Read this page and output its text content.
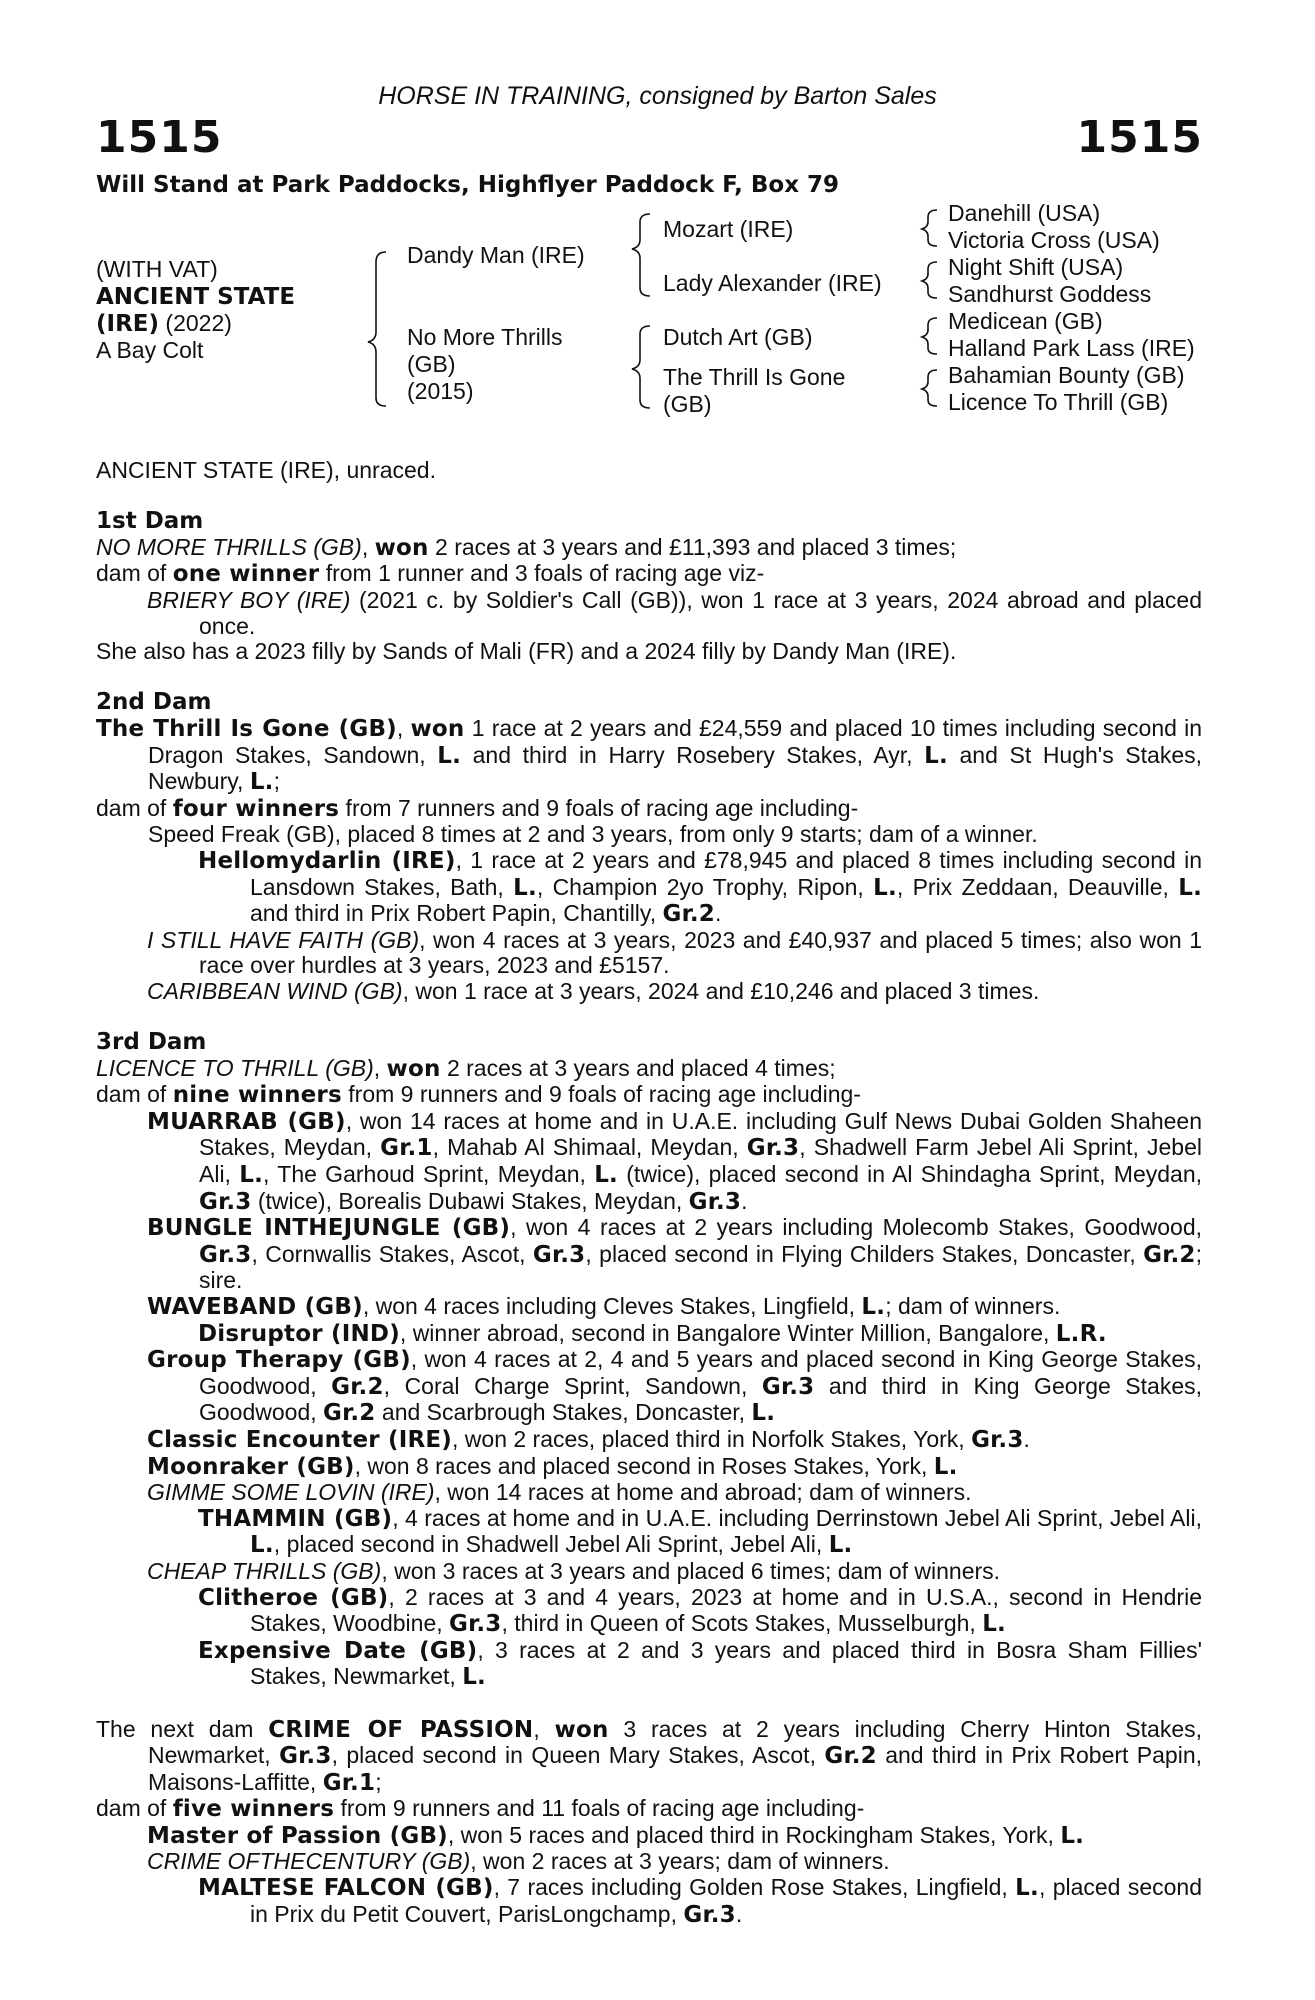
HORSE IN TRAINING, consigned by Barton Sales
1515	1515
Will Stand at Park Paddocks, Highflyer Paddock F, Box 79
(WITH VAT)
ANCIENT STATE
(IRE) (2022)
A Bay Colt
Dandy Man (IRE)
No More Thrills
(GB)
(2015)
Mozart (IRE)
Lady Alexander (IRE)
Dutch Art (GB)
The Thrill Is Gone
(GB)
Danehill (USA)
Victoria Cross (USA)
Night Shift (USA)
Sandhurst Goddess
Medicean (GB)
Halland Park Lass (IRE)
Bahamian Bounty (GB)
Licence To Thrill (GB)
ANCIENT STATE (IRE), unraced.
1st Dam
NO MORE THRILLS (GB), won 2 races at 3 years and £11,393 and placed 3 times;
dam of one winner from 1 runner and 3 foals of racing age viz-
BRIERY BOY (IRE) (2021 c. by Soldier's Call (GB)), won 1 race at 3 years, 2024 abroad and placed once.
She also has a 2023 filly by Sands of Mali (FR) and a 2024 filly by Dandy Man (IRE).
2nd Dam
The Thrill Is Gone (GB), won 1 race at 2 years and £24,559 and placed 10 times including second in Dragon Stakes, Sandown, L. and third in Harry Rosebery Stakes, Ayr, L. and St Hugh's Stakes, Newbury, L.;
dam of four winners from 7 runners and 9 foals of racing age including-
Speed Freak (GB), placed 8 times at 2 and 3 years, from only 9 starts; dam of a winner.
Hellomydarlin (IRE), 1 race at 2 years and £78,945 and placed 8 times including second in Lansdown Stakes, Bath, L., Champion 2yo Trophy, Ripon, L., Prix Zeddaan, Deauville, L. and third in Prix Robert Papin, Chantilly, Gr.2.
I STILL HAVE FAITH (GB), won 4 races at 3 years, 2023 and £40,937 and placed 5 times; also won 1 race over hurdles at 3 years, 2023 and £5157.
CARIBBEAN WIND (GB), won 1 race at 3 years, 2024 and £10,246 and placed 3 times.
3rd Dam
LICENCE TO THRILL (GB), won 2 races at 3 years and placed 4 times;
dam of nine winners from 9 runners and 9 foals of racing age including-
MUARRAB (GB), won 14 races at home and in U.A.E. including Gulf News Dubai Golden Shaheen Stakes, Meydan, Gr.1, Mahab Al Shimaal, Meydan, Gr.3, Shadwell Farm Jebel Ali Sprint, Jebel Ali, L., The Garhoud Sprint, Meydan, L. (twice), placed second in Al Shindagha Sprint, Meydan, Gr.3 (twice), Borealis Dubawi Stakes, Meydan, Gr.3.
BUNGLE INTHEJUNGLE (GB), won 4 races at 2 years including Molecomb Stakes, Goodwood, Gr.3, Cornwallis Stakes, Ascot, Gr.3, placed second in Flying Childers Stakes, Doncaster, Gr.2; sire.
WAVEBAND (GB), won 4 races including Cleves Stakes, Lingfield, L.; dam of winners.
Disruptor (IND), winner abroad, second in Bangalore Winter Million, Bangalore, L.R.
Group Therapy (GB), won 4 races at 2, 4 and 5 years and placed second in King George Stakes, Goodwood, Gr.2, Coral Charge Sprint, Sandown, Gr.3 and third in King George Stakes, Goodwood, Gr.2 and Scarbrough Stakes, Doncaster, L.
Classic Encounter (IRE), won 2 races, placed third in Norfolk Stakes, York, Gr.3.
Moonraker (GB), won 8 races and placed second in Roses Stakes, York, L.
GIMME SOME LOVIN (IRE), won 14 races at home and abroad; dam of winners.
THAMMIN (GB), 4 races at home and in U.A.E. including Derrinstown Jebel Ali Sprint, Jebel Ali, L., placed second in Shadwell Jebel Ali Sprint, Jebel Ali, L.
CHEAP THRILLS (GB), won 3 races at 3 years and placed 6 times; dam of winners.
Clitheroe (GB), 2 races at 3 and 4 years, 2023 at home and in U.S.A., second in Hendrie Stakes, Woodbine, Gr.3, third in Queen of Scots Stakes, Musselburgh, L.
Expensive Date (GB), 3 races at 2 and 3 years and placed third in Bosra Sham Fillies' Stakes, Newmarket, L.
The next dam CRIME OF PASSION, won 3 races at 2 years including Cherry Hinton Stakes, Newmarket, Gr.3, placed second in Queen Mary Stakes, Ascot, Gr.2 and third in Prix Robert Papin, Maisons-Laffitte, Gr.1;
dam of five winners from 9 runners and 11 foals of racing age including-
Master of Passion (GB), won 5 races and placed third in Rockingham Stakes, York, L.
CRIME OFTHECENTURY (GB), won 2 races at 3 years; dam of winners.
MALTESE FALCON (GB), 7 races including Golden Rose Stakes, Lingfield, L., placed second in Prix du Petit Couvert, ParisLongchamp, Gr.3.
